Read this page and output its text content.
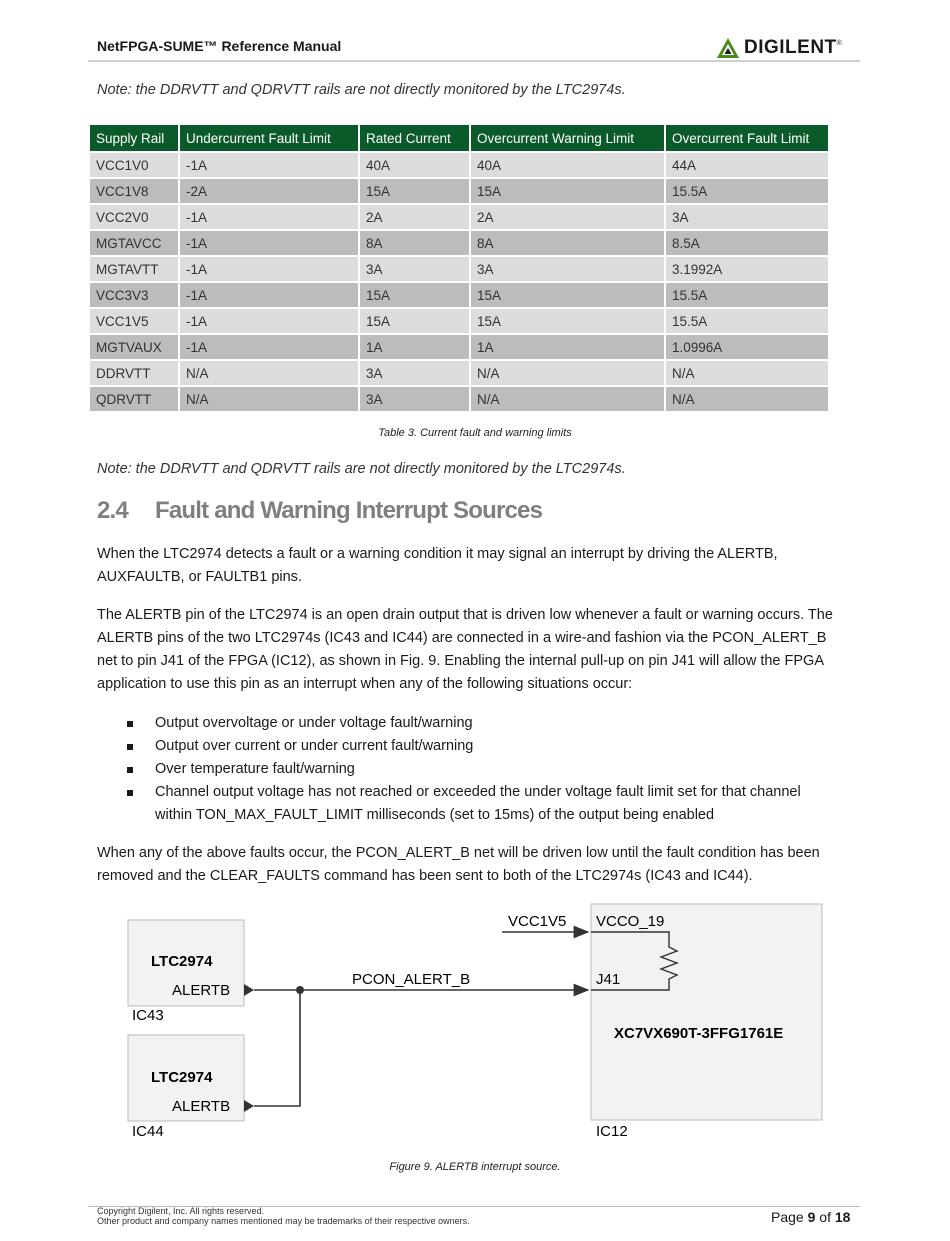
NetFPGA-SUME™ Reference Manual	DIGILENT ®
Note: the DDRVTT and QDRVTT rails are not directly monitored by the LTC2974s.
Supply Rail	Undercurrent Fault Limit	Rated Current	Overcurrent Warning Limit	Overcurrent Fault Limit
VCC1V0	-1A	40A	40A	44A
VCC1V8	-2A	15A	15A	15.5A
VCC2V0	-1A	2A	2A	3A
MGTAVCC	-1A	8A	8A	8.5A
MGTAVTT	-1A	3A	3A	3.1992A
VCC3V3	-1A	15A	15A	15.5A
VCC1V5	-1A	15A	15A	15.5A
MGTVAUX	-1A	1A	1A	1.0996A
DDRVTT	N/A	3A	N/A	N/A
QDRVTT	N/A	3A	N/A	N/A
Table 3. Current fault and warning limits
Note: the DDRVTT and QDRVTT rails are not directly monitored by the LTC2974s.
2.4 Fault and Warning Interrupt Sources
When the LTC2974 detects a fault or a warning condition it may signal an interrupt by driving the ALERTB, AUXFAULTB, or FAULTB1 pins.
The ALERTB pin of the LTC2974 is an open drain output that is driven low whenever a fault or warning occurs. The ALERTB pins of the two LTC2974s (IC43 and IC44) are connected in a wire-and fashion via the PCON_ALERT_B net to pin J41 of the FPGA (IC12), as shown in Fig. 9. Enabling the internal pull-up on pin J41 will allow the FPGA application to use this pin as an interrupt when any of the following situations occur:
Output overvoltage or under voltage fault/warning
Output over current or under current fault/warning
Over temperature fault/warning
Channel output voltage has not reached or exceeded the under voltage fault limit set for that channel within TON_MAX_FAULT_LIMIT milliseconds (set to 15ms) of the output being enabled
When any of the above faults occur, the PCON_ALERT_B net will be driven low until the fault condition has been removed and the CLEAR_FAULTS command has been sent to both of the LTC2974s (IC43 and IC44).
LTC2974
ALERTB
IC43
LTC2974
ALERTB
IC44
PCON_ALERT_B
VCC1V5 VCCO_19
J41
XC7VX690T-3FFG1761E
IC12
Figure 9. ALERTB interrupt source.
Copyright Digilent, Inc. All rights reserved.
Other product and company names mentioned may be trademarks of their respective owners.	Page 9 of 18
